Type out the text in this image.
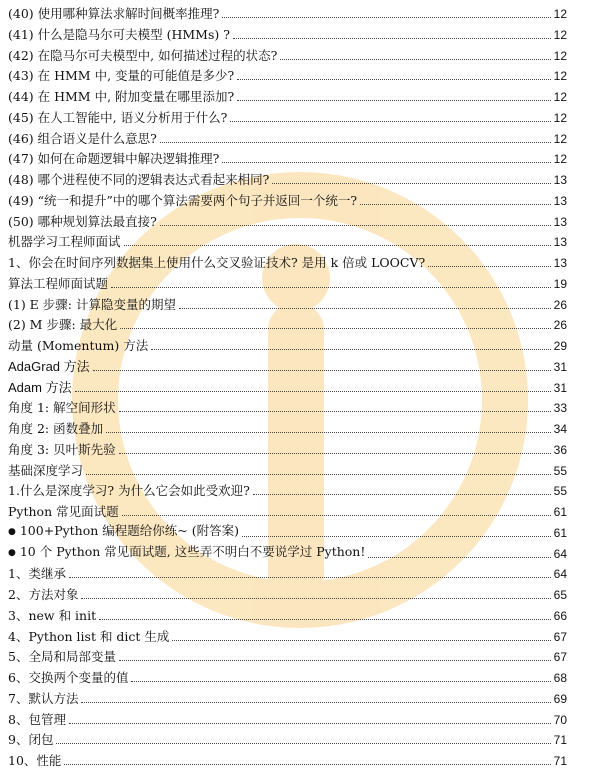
(40) 使用哪种算法求解时间概率推理?	12
(41) 什么是隐马尔可夫模型 (HMMs) ?	12
(42) 在隐马尔可夫模型中, 如何描述过程的状态?	12
(43) 在 HMM 中, 变量的可能值是多少?	12
(44) 在 HMM 中, 附加变量在哪里添加?	12
(45) 在人工智能中, 语义分析用于什么?	12
(46) 组合语义是什么意思?	12
(47) 如何在命题逻辑中解决逻辑推理?	12
(48) 哪个进程使不同的逻辑表达式看起来相同?	13
(49) “统一和提升”中的哪个算法需要两个句子并返回一个统一?	13
(50) 哪种规划算法最直接?	13
机器学习工程师面试	13
1、你会在时间序列数据集上使用什么交叉验证技术? 是用 k 倍或 LOOCV?	13
算法工程师面试题	19
(1) E 步骤: 计算隐变量的期望	26
(2) M 步骤: 最大化	26
动量 (Momentum) 方法	29
AdaGrad 方法	31
Adam 方法	31
角度 1: 解空间形状	33
角度 2: 函数叠加	34
角度 3: 贝叶斯先验	36
基础深度学习	55
1.什么是深度学习? 为什么它会如此受欢迎?	55
Python 常见面试题	61
● 100+Python 编程题给你练~ (附答案)	61
● 10 个 Python 常见面试题, 这些弄不明白不要说学过 Python!	64
1、类继承	64
2、方法对象	65
3、new 和 init	66
4、Python list 和 dict 生成	67
5、全局和局部变量	67
6、交换两个变量的值	68
7、默认方法	69
8、包管理	70
9、闭包	71
10、性能	71
